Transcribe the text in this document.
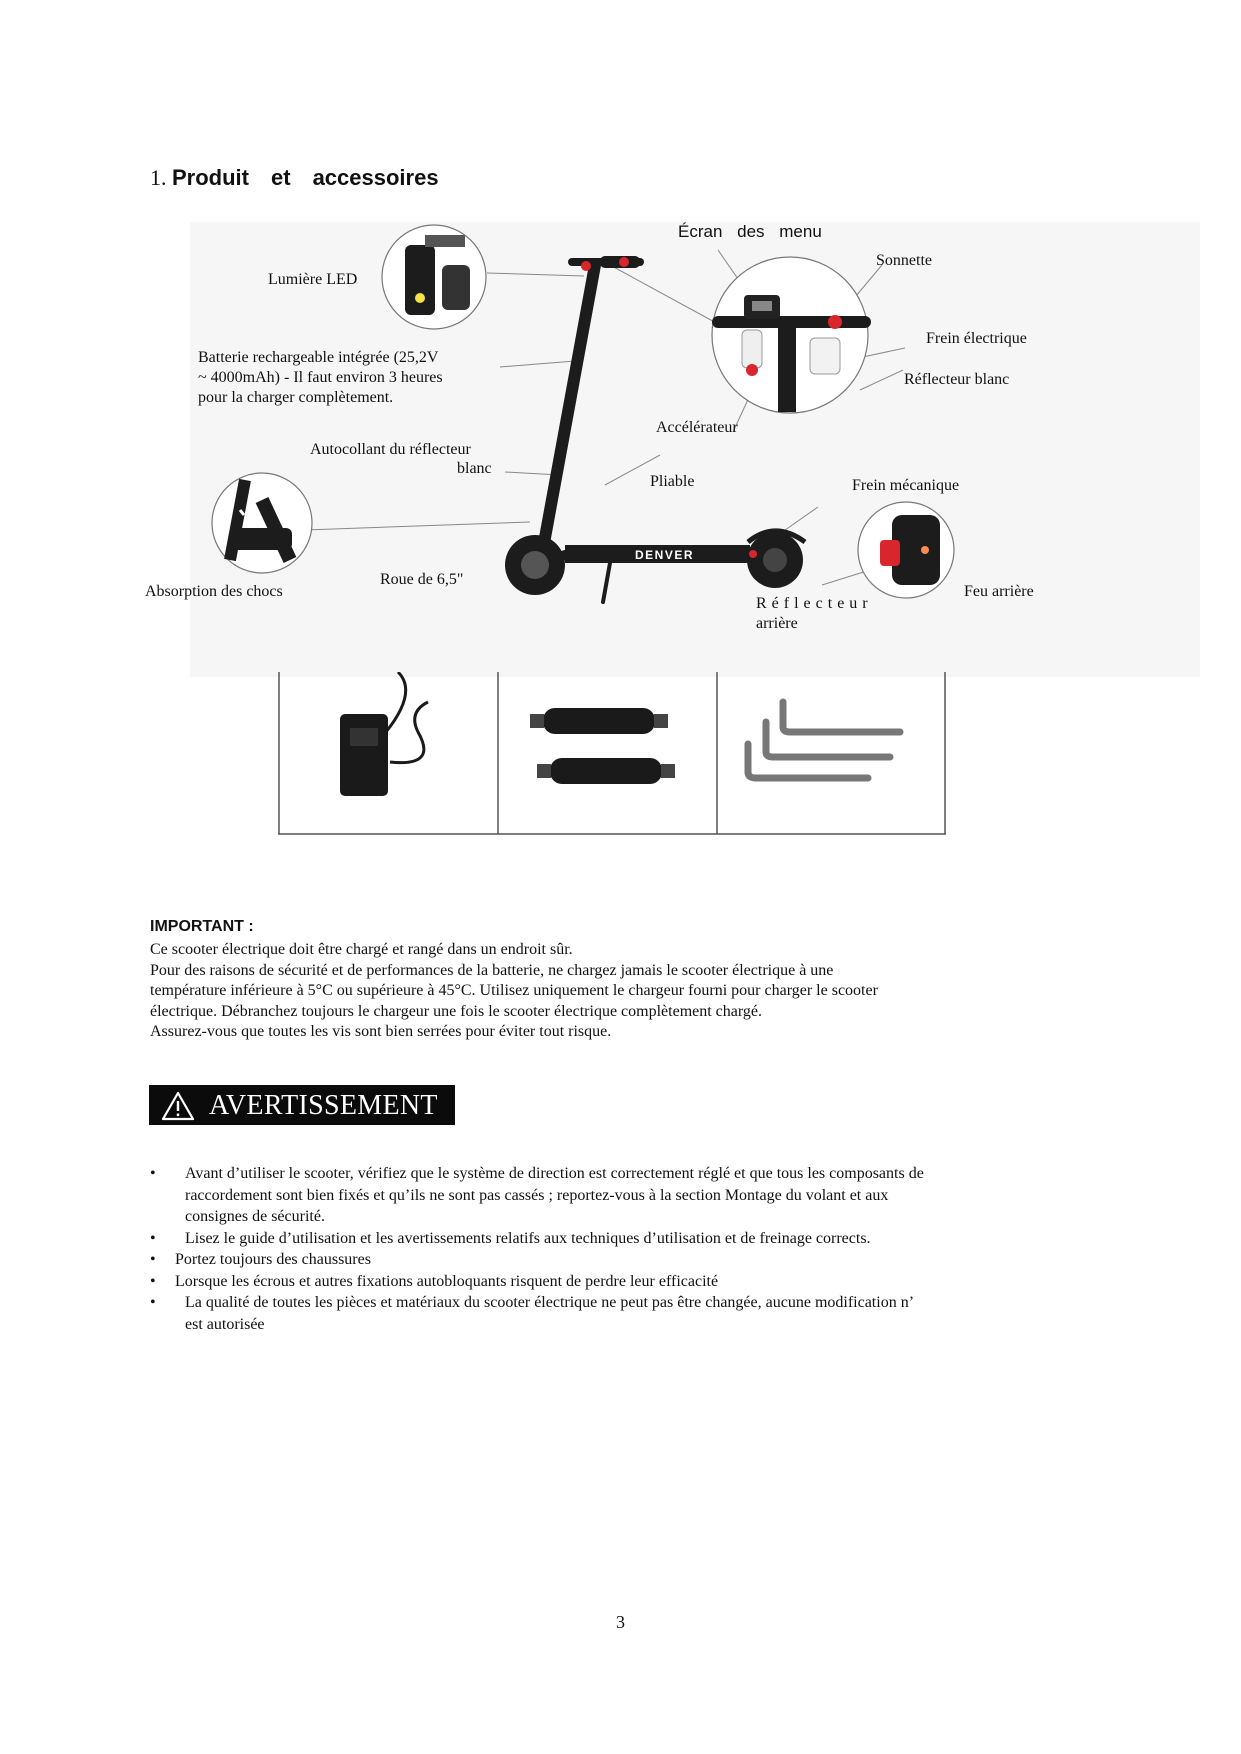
1. Produit et accessoires
DENVER
Lumière LED
Écran des menu
Sonnette
Frein électrique
Réflecteur blanc
Batterie rechargeable intégrée (25,2V
~ 4000mAh) - Il faut environ 3 heures
pour la charger complètement.
Accélérateur
Autocollant du réflecteur
blanc
Pliable	Frein mécanique
Absorption des chocs
Roue de 6,5"
Réflecteur
arrière
Feu arrière
IMPORTANT :
Ce scooter électrique doit être chargé et rangé dans un endroit sûr.
Pour des raisons de sécurité et de performances de la batterie, ne chargez jamais le scooter électrique à une
température inférieure à 5°C ou supérieure à 45°C. Utilisez uniquement le chargeur fourni pour charger le scooter
électrique. Débranchez toujours le chargeur une fois le scooter électrique complètement chargé.
Assurez-vous que toutes les vis sont bien serrées pour éviter tout risque.
AVERTISSEMENT
• Avant d’utiliser le scooter, vérifiez que le système de direction est correctement réglé et que tous les composants de
raccordement sont bien fixés et qu’ils ne sont pas cassés ; reportez-vous à la section Montage du volant et aux
consignes de sécurité.
• Lisez le guide d’utilisation et les avertissements relatifs aux techniques d’utilisation et de freinage corrects.
• Portez toujours des chaussures
• Lorsque les écrous et autres fixations autobloquants risquent de perdre leur efficacité
• La qualité de toutes les pièces et matériaux du scooter électrique ne peut pas être changée, aucune modification n’
est autorisée
3
